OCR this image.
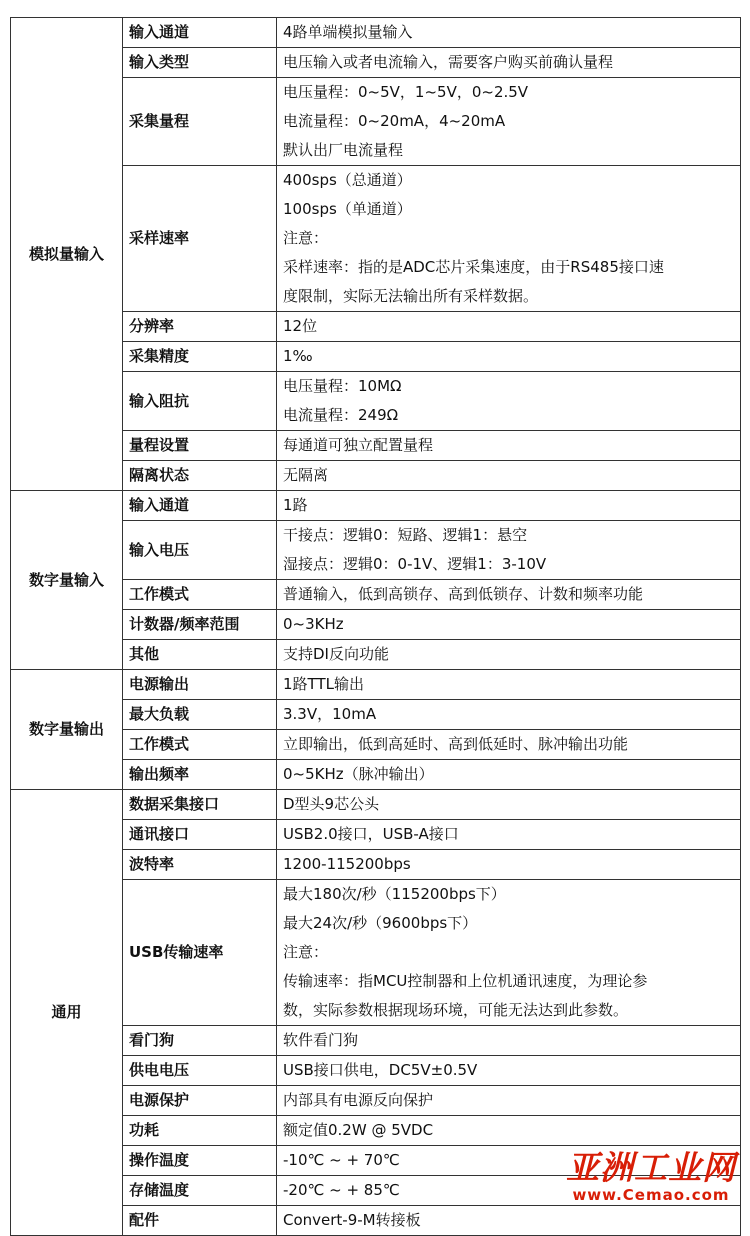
模拟量输入	输入通道	4路单端模拟量输入

	输入类型	电压输入或者电流输入，需要客户购买前确认量程

	采集量程	电压量程：0~5V，1~5V，0~2.5V
电流量程：0~20mA，4~20mA
默认出厂电流量程

	采样速率	400sps（总通道）
100sps（单通道）
注意：
采样速率：指的是ADC芯片采集速度，由于RS485接口速
度限制，实际无法输出所有采样数据。

	分辨率	12位

	采集精度	1‰

	输入阻抗	电压量程：10MΩ
电流量程：249Ω

	量程设置	每通道可独立配置量程

	隔离状态	无隔离

数字量输入	输入通道	1路

	输入电压	干接点：逻辑0：短路、逻辑1：悬空
湿接点：逻辑0：0-1V、逻辑1：3-10V

	工作模式	普通输入，低到高锁存、高到低锁存、计数和频率功能

	计数器/频率范围	0~3KHz

	其他	支持DI反向功能

数字量输出	电源输出	1路TTL输出

	最大负载	3.3V，10mA

	工作模式	立即输出，低到高延时、高到低延时、脉冲输出功能

	输出频率	0~5KHz（脉冲输出）

通用	数据采集接口	D型头9芯公头

	通讯接口	USB2.0接口，USB-A接口

	波特率	1200-115200bps

	USB传输速率	最大180次/秒（115200bps下）
最大24次/秒（9600bps下）
注意：
传输速率：指MCU控制器和上位机通讯速度，为理论参
数，实际参数根据现场环境，可能无法达到此参数。

	看门狗	软件看门狗

	供电电压	USB接口供电，DC5V±0.5V

	电源保护	内部具有电源反向保护

	功耗	额定值0.2W @ 5VDC

	操作温度	-10℃ ~ + 70℃

	存储温度	-20℃ ~ + 85℃

	配件	Convert-9-M转接板
亚洲工业网
www.Cemao.com
